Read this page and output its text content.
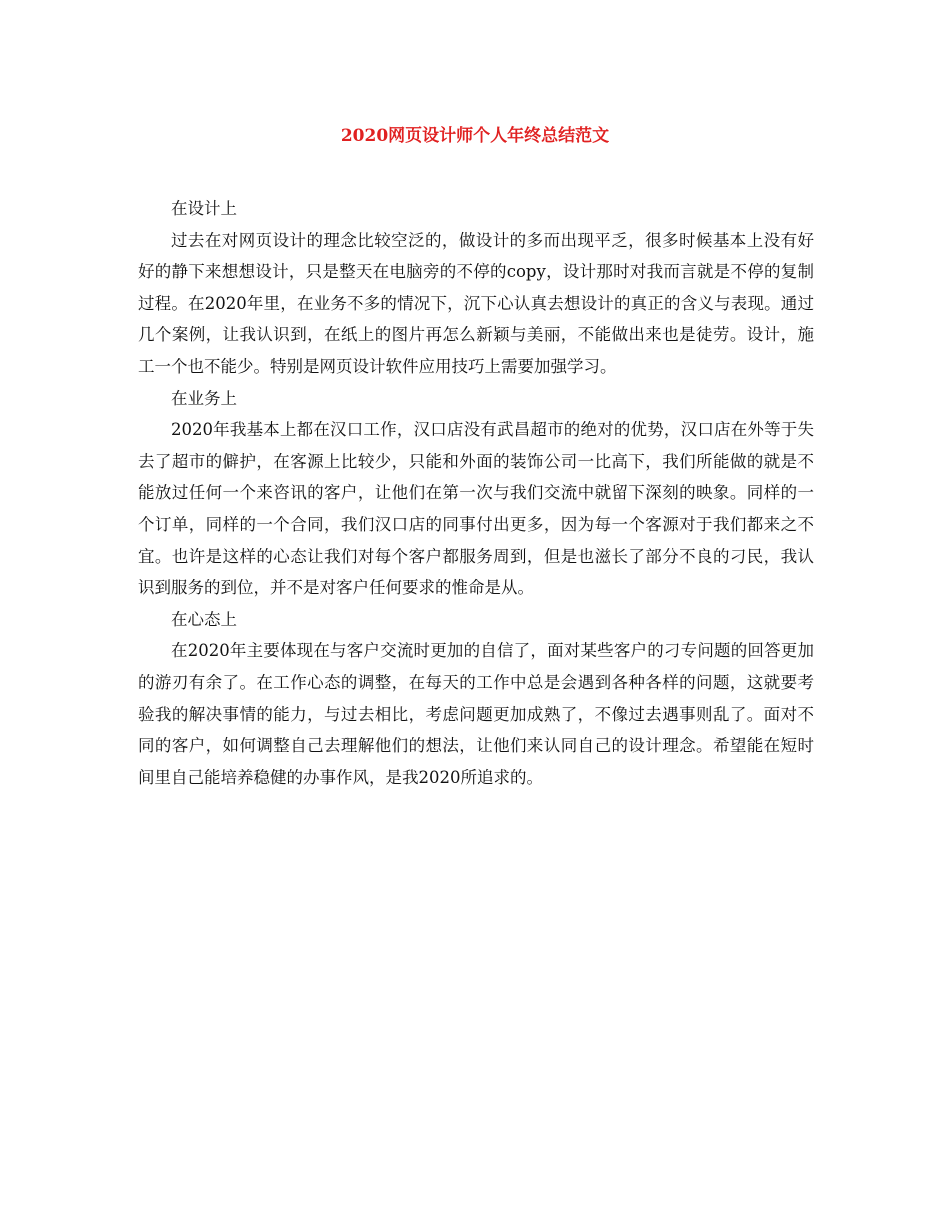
2020网页设计师个人年终总结范文

在设计上

过去在对网页设计的理念比较空泛的，做设计的多而出现平乏，很多时候基本上没有好好的静下来想想设计，只是整天在电脑旁的不停的copy，设计那时对我而言就是不停的复制过程。在2020年里，在业务不多的情况下，沉下心认真去想设计的真正的含义与表现。通过几个案例，让我认识到，在纸上的图片再怎么新颖与美丽，不能做出来也是徒劳。设计，施工一个也不能少。特别是网页设计软件应用技巧上需要加强学习。

在业务上

2020年我基本上都在汉口工作，汉口店没有武昌超市的绝对的优势，汉口店在外等于失去了超市的僻护，在客源上比较少，只能和外面的装饰公司一比高下，我们所能做的就是不能放过任何一个来咨讯的客户，让他们在第一次与我们交流中就留下深刻的映象。同样的一个订单，同样的一个合同，我们汉口店的同事付出更多，因为每一个客源对于我们都来之不宜。也许是这样的心态让我们对每个客户都服务周到，但是也滋长了部分不良的刁民，我认识到服务的到位，并不是对客户任何要求的惟命是从。

在心态上

在2020年主要体现在与客户交流时更加的自信了，面对某些客户的刁专问题的回答更加的游刃有余了。在工作心态的调整，在每天的工作中总是会遇到各种各样的问题，这就要考验我的解决事情的能力，与过去相比，考虑问题更加成熟了，不像过去遇事则乱了。面对不同的客户，如何调整自己去理解他们的想法，让他们来认同自己的设计理念。希望能在短时间里自己能培养稳健的办事作风，是我2020所追求的。
